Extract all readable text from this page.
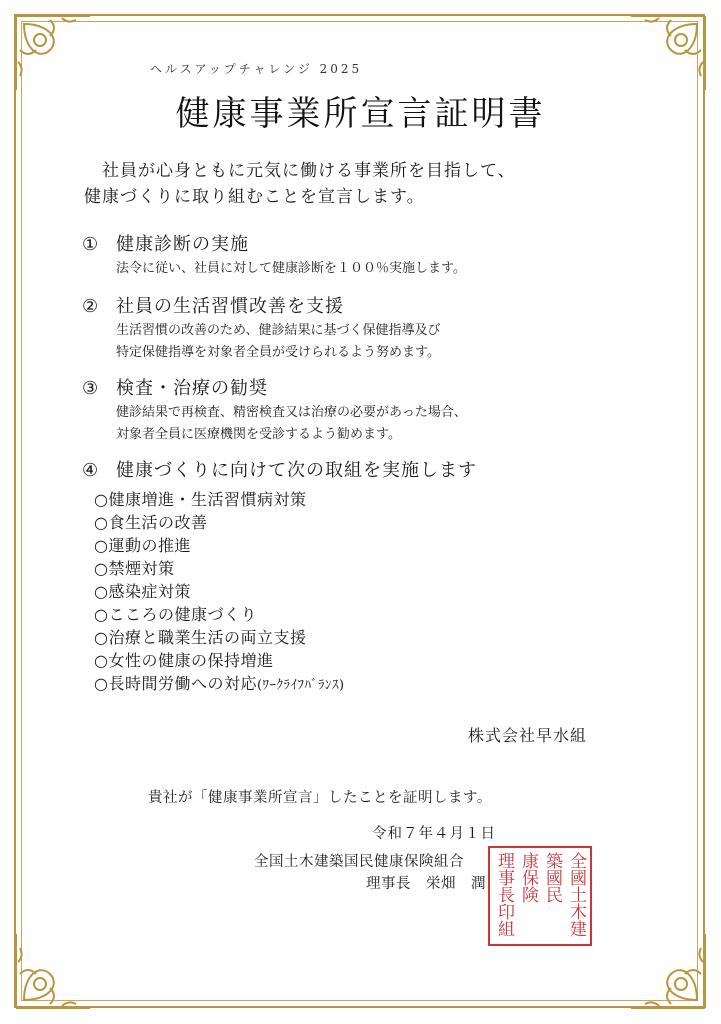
ヘルスアップチャレンジ 2025
健康事業所宣言証明書
社員が心身ともに元気に働ける事業所を目指して、
健康づくりに取り組むことを宣言します。
① 健康診断の実施
法令に従い、社員に対して健康診断を１００％実施します。
② 社員の生活習慣改善を支援
生活習慣の改善のため、健診結果に基づく保健指導及び
特定保健指導を対象者全員が受けられるよう努めます。
③ 検査・治療の勧奨
健診結果で再検査、精密検査又は治療の必要があった場合、
対象者全員に医療機関を受診するよう勧めます。
④ 健康づくりに向けて次の取組を実施します
○健康増進・生活習慣病対策
○食生活の改善
○運動の推進
○禁煙対策
○感染症対策
○こころの健康づくり
○治療と職業生活の両立支援
○女性の健康の保持増進
○長時間労働への対応(ﾜｰｸﾗｲﾌﾊﾞﾗﾝｽ)
株式会社早水組
貴社が「健康事業所宣言」したことを証明します。
令和７年４月１日
全國土木建
築國民
康保険
理事長印組
全国土木建築国民健康保険組合
理事長　栄畑　潤
